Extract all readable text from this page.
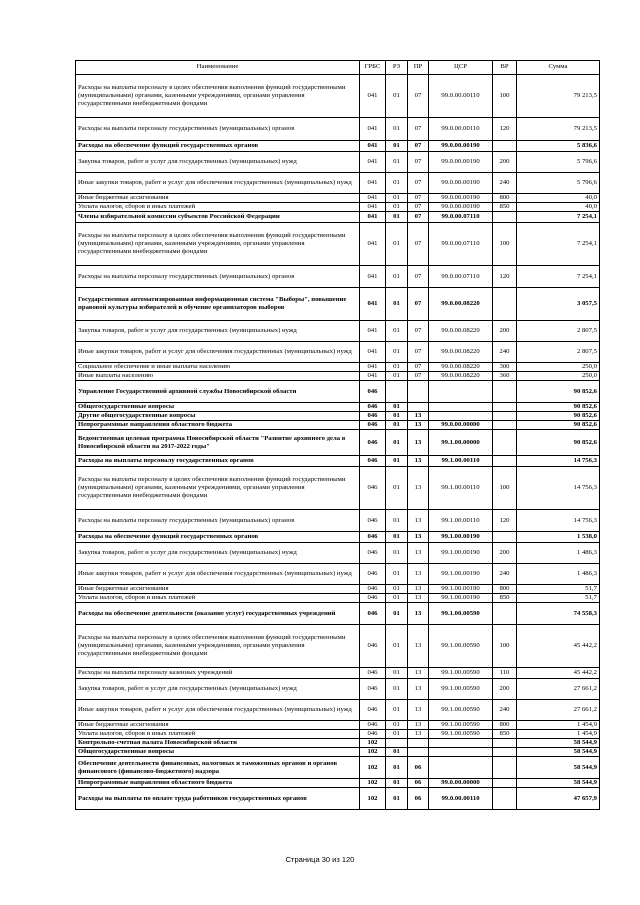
Наименование	ГРБС	РЗ	ПР	ЦСР	ВР	Сумма
Расходы на выплаты персоналу в целях обеспечения выполнения функций государственными (муниципальными) органами, казенными учреждениями, органами управления государственными внебюджетными фондами	041	01	07	99.0.00.00110	100	79 213,5
Расходы на выплаты персоналу государственных (муниципальных) органов	041	01	07	99.0.00.00110	120	79 213,5
Расходы на обеспечение функций государственных органов	041	01	07	99.0.00.00190		5 836,6
Закупка товаров, работ и услуг для государственных (муниципальных) нужд	041	01	07	99.0.00.00190	200	5 796,6
Иные закупки товаров, работ и услуг для обеспечения государственных (муниципальных) нужд	041	01	07	99.0.00.00190	240	5 796,6
Иные бюджетные ассигнования	041	01	07	99.0.00.00190	800	40,0
Уплата налогов, сборов и иных платежей	041	01	07	99.0.00.00190	850	40,0
Члены избирательной комиссии субъектов Российской Федерации	041	01	07	99.0.00.07110		7 254,1
Расходы на выплаты персоналу в целях обеспечения выполнения функций государственными (муниципальными) органами, казенными учреждениями, органами управления государственными внебюджетными фондами	041	01	07	99.0.00.07110	100	7 254,1
Расходы на выплаты персоналу государственных (муниципальных) органов	041	01	07	99.0.00.07110	120	7 254,1
Государственная автоматизированная информационная система "Выборы", повышение правовой культуры избирателей и обучение организаторов выборов	041	01	07	99.0.00.08220		3 057,5
Закупка товаров, работ и услуг для государственных (муниципальных) нужд	041	01	07	99.0.00.08220	200	2 807,5
Иные закупки товаров, работ и услуг для обеспечения государственных (муниципальных) нужд	041	01	07	99.0.00.08220	240	2 807,5
Социальное обеспечение и иные выплаты населению	041	01	07	99.0.00.08220	300	250,0
Иные выплаты населению	041	01	07	99.0.00.08220	360	250,0
Управление Государственной архивной службы Новосибирской области	046					90 852,6
Общегосударственные вопросы	046	01				90 852,6
Другие общегосударственные вопросы	046	01	13			90 852,6
Непрограммные направления областного бюджета	046	01	13	99.0.00.00000		90 852,6
Ведомственная целевая программа Новосибирской области "Развитие архивного дела в Новосибирской области на 2017-2022 годы"	046	01	13	99.1.00.00000		90 852,6
Расходы на выплаты персоналу государственных органов	046	01	13	99.1.00.00110		14 756,3
Расходы на выплаты персоналу в целях обеспечения выполнения функций государственными (муниципальными) органами, казенными учреждениями, органами управления государственными внебюджетными фондами	046	01	13	99.1.00.00110	100	14 756,3
Расходы на выплаты персоналу государственных (муниципальных) органов	046	01	13	99.1.00.00110	120	14 756,3
Расходы на обеспечение функций государственных органов	046	01	13	99.1.00.00190		1 538,0
Закупка товаров, работ и услуг для государственных (муниципальных) нужд	046	01	13	99.1.00.00190	200	1 486,3
Иные закупки товаров, работ и услуг для обеспечения государственных (муниципальных) нужд	046	01	13	99.1.00.00190	240	1 486,3
Иные бюджетные ассигнования	046	01	13	99.1.00.00190	800	51,7
Уплата налогов, сборов и иных платежей	046	01	13	99.1.00.00190	850	51,7
Расходы на обеспечение деятельности (оказание услуг) государственных учреждений	046	01	13	99.1.00.00590		74 558,3
Расходы на выплаты персоналу в целях обеспечения выполнения функций государственными (муниципальными) органами, казенными учреждениями, органами управления государственными внебюджетными фондами	046	01	13	99.1.00.00590	100	45 442,2
Расходы на выплаты персоналу казенных учреждений	046	01	13	99.1.00.00590	110	45 442,2
Закупка товаров, работ и услуг для государственных (муниципальных) нужд	046	01	13	99.1.00.00590	200	27 661,2
Иные закупки товаров, работ и услуг для обеспечения государственных (муниципальных) нужд	046	01	13	99.1.00.00590	240	27 661,2
Иные бюджетные ассигнования	046	01	13	99.1.00.00590	800	1 454,9
Уплата налогов, сборов и иных платежей	046	01	13	99.1.00.00590	850	1 454,9
Контрольно-счетная палата Новосибирской области	102					58 544,9
Общегосударственные вопросы	102	01				58 544,9
Обеспечение деятельности финансовых, налоговых и таможенных органов и органов финансового (финансово-бюджетного) надзора	102	01	06			58 544,9
Непрограммные направления областного бюджета	102	01	06	99.0.00.00000		58 544,9
Расходы на выплаты по оплате труда работников государственных органов	102	01	06	99.0.00.00110		47 657,9
Страница 30 из 120
